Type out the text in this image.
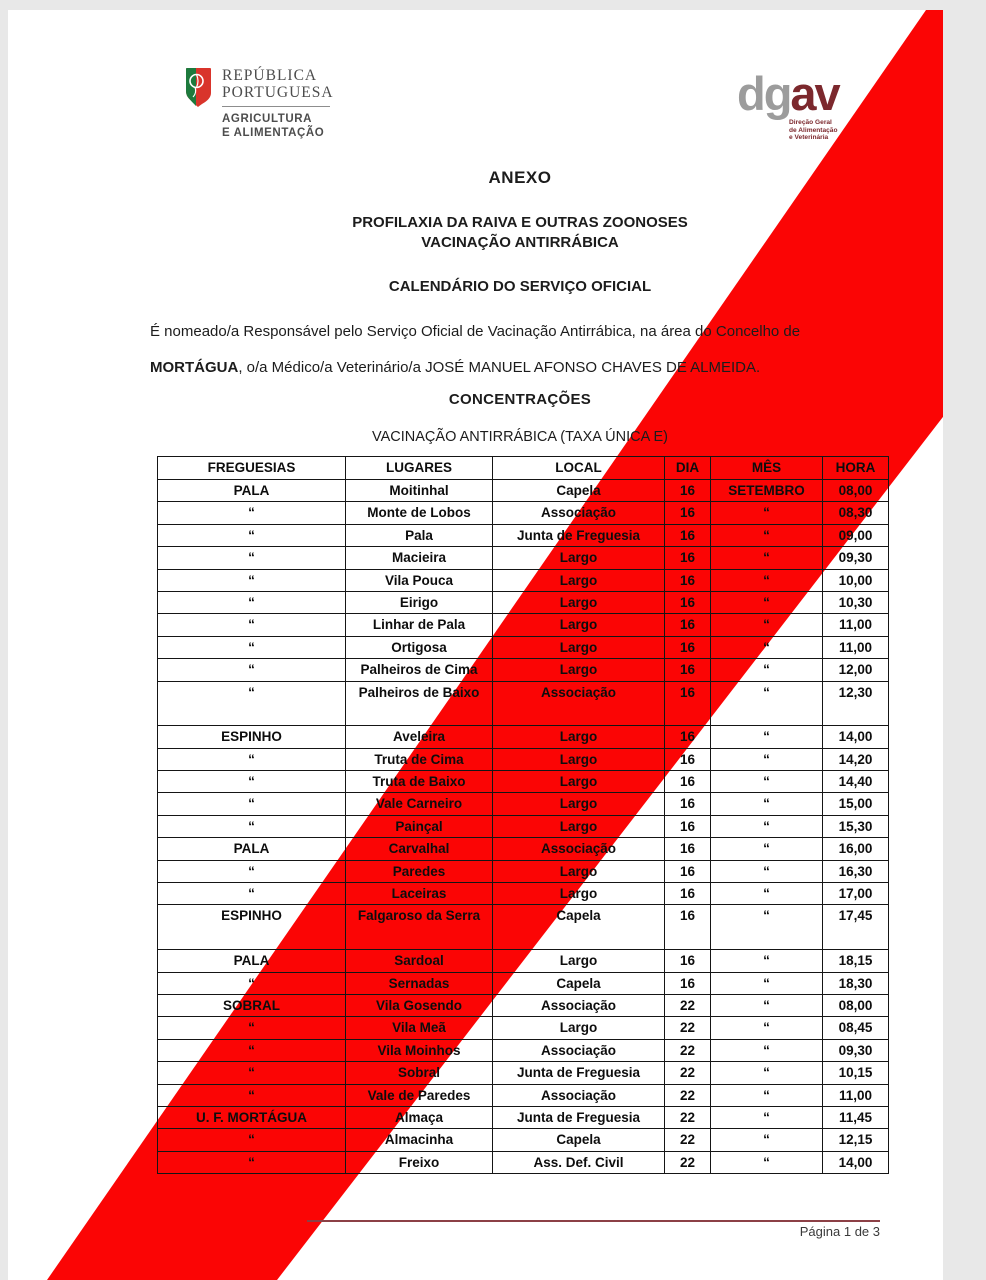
REPÚBLICA
PORTUGUESA
AGRICULTURA
E ALIMENTAÇÃO
dgav
Direção Geral
de Alimentação
e Veterinária
ANEXO
PROFILAXIA DA RAIVA E OUTRAS ZOONOSES
VACINAÇÃO ANTIRRÁBICA
CALENDÁRIO DO SERVIÇO OFICIAL
É nomeado/a Responsável pelo Serviço Oficial de Vacinação Antirrábica, na área do Concelho de
MORTÁGUA, o/a Médico/a Veterinário/a JOSÉ MANUEL AFONSO CHAVES DE ALMEIDA.
CONCENTRAÇÕES
VACINAÇÃO ANTIRRÁBICA (TAXA ÚNICA E)
FREGUESIAS	LUGARES	LOCAL	DIA	MÊS	HORA
PALA	Moitinhal	Capela	16	SETEMBRO	08,00
“	Monte de Lobos	Associação	16	“	08,30
“	Pala	Junta de Freguesia	16	“	09,00
“	Macieira	Largo	16	“	09,30
“	Vila Pouca	Largo	16	“	10,00
“	Eirigo	Largo	16	“	10,30
“	Linhar de Pala	Largo	16	“	11,00
“	Ortigosa	Largo	16	“	11,00
“	Palheiros de Cima	Largo	16	“	12,00
“	Palheiros de Baixo	Associação	16	“	12,30
ESPINHO	Aveleira	Largo	16	“	14,00
“	Truta de Cima	Largo	16	“	14,20
“	Truta de Baixo	Largo	16	“	14,40
“	Vale Carneiro	Largo	16	“	15,00
“	Painçal	Largo	16	“	15,30
PALA	Carvalhal	Associação	16	“	16,00
“	Paredes	Largo	16	“	16,30
“	Laceiras	Largo	16	“	17,00
ESPINHO	Falgaroso da Serra	Capela	16	“	17,45
PALA	Sardoal	Largo	16	“	18,15
“	Sernadas	Capela	16	“	18,30
SOBRAL	Vila Gosendo	Associação	22	“	08,00
“	Vila Meã	Largo	22	“	08,45
“	Vila Moinhos	Associação	22	“	09,30
“	Sobral	Junta de Freguesia	22	“	10,15
“	Vale de Paredes	Associação	22	“	11,00
U. F. MORTÁGUA	Almaça	Junta de Freguesia	22	“	11,45
“	Almacinha	Capela	22	“	12,15
“	Freixo	Ass. Def. Civil	22	“	14,00
Página 1 de 3
